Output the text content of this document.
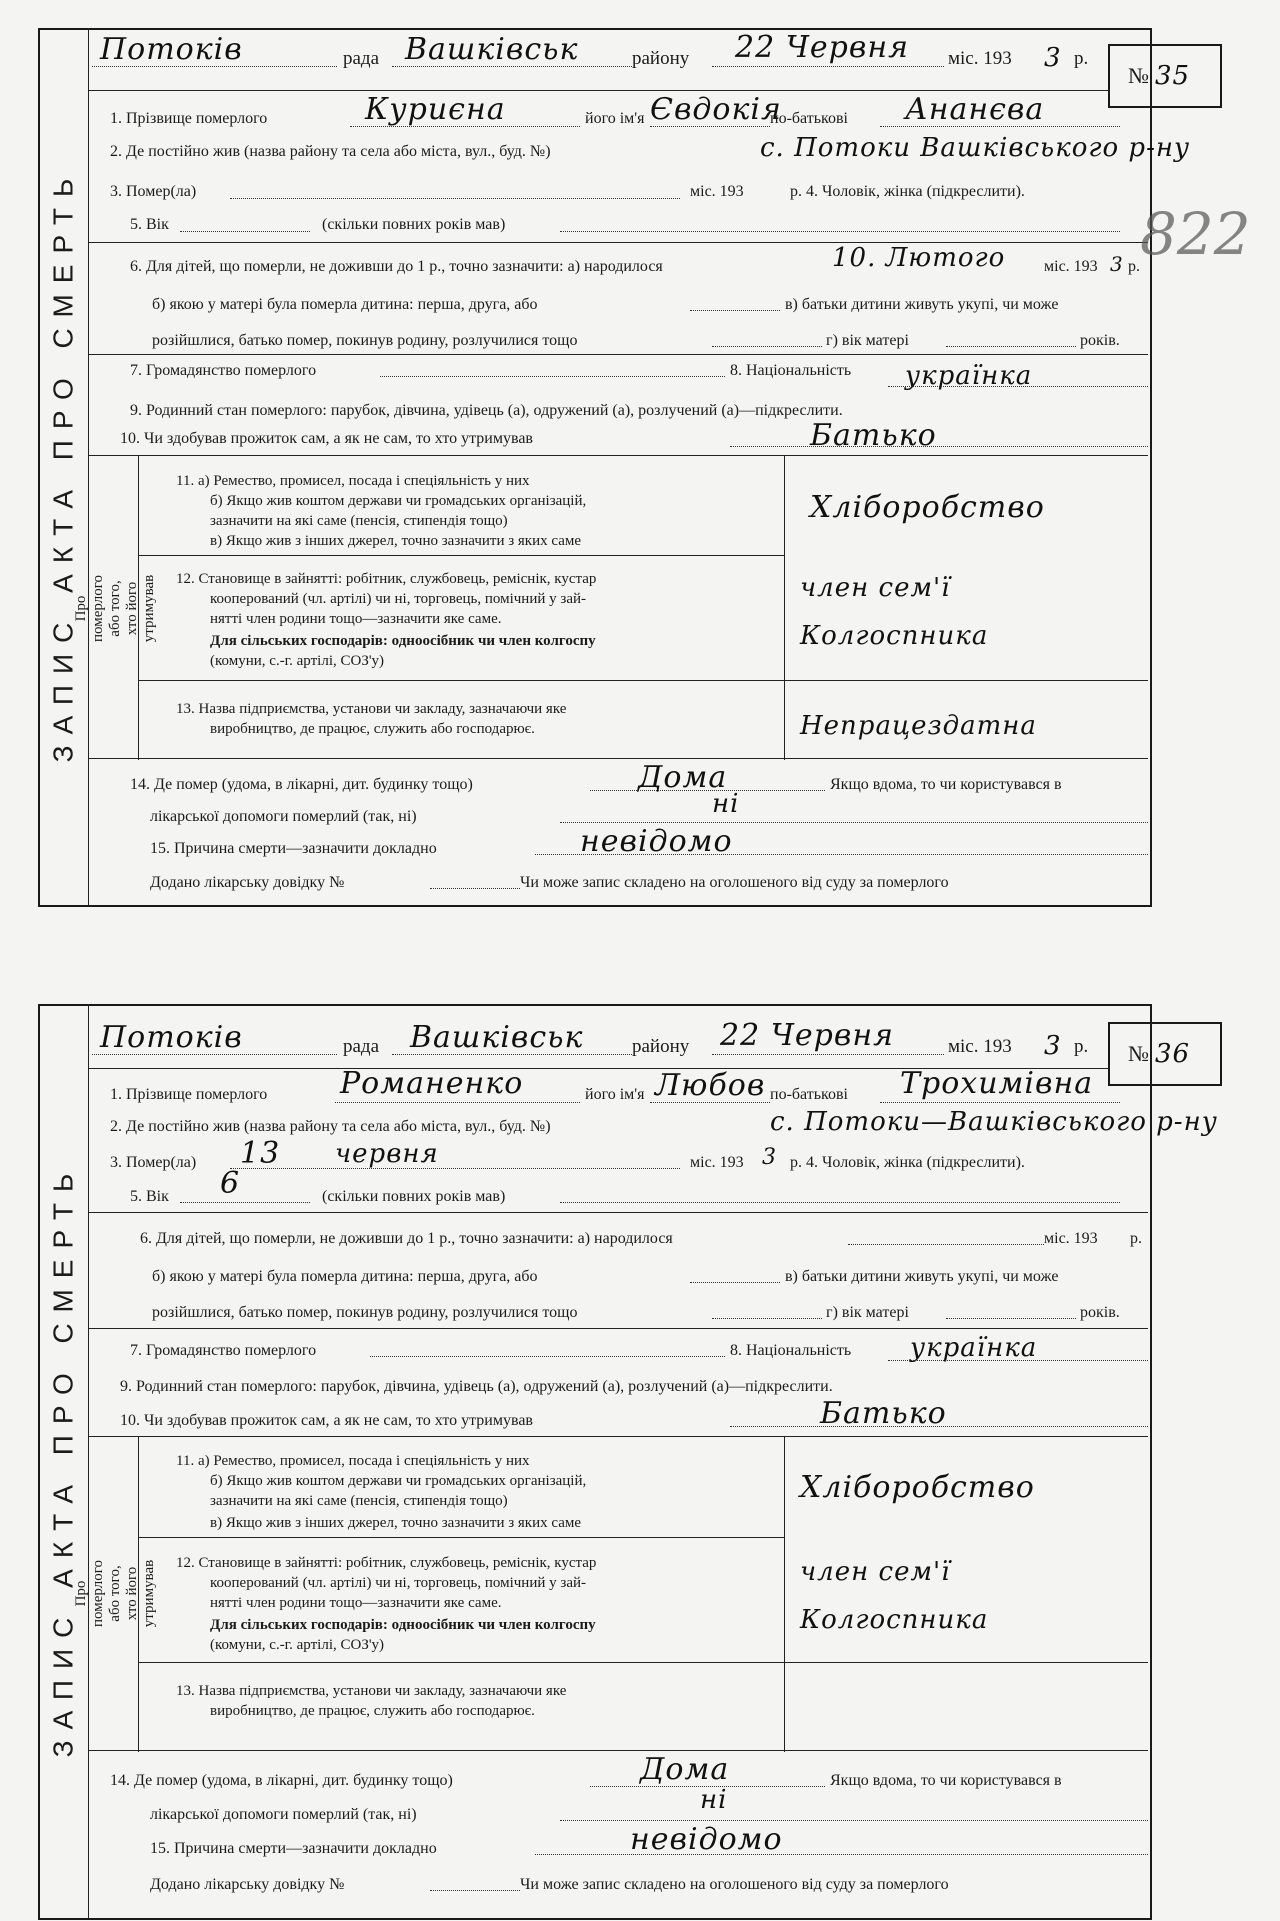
ЗАПИС АКТА ПРО СМЕРТЬ
Потоків	рада Вашківськ	району 22 Червня міс. 193 3 р.
№ 35
1. Прізвище померлого	Куриєна	його ім'я Євдокія
по-батькові Ананєва
2. Де постійно жив (назва району та села або міста, вул., буд. №)	с. Потоки Вашківського р-ну
3. Помер(ла)	міс. 193	р. 4. Чоловік, жінка (підкреслити).
5. Вік	(скільки повних років мав)
6. Для дітей, що померли, не доживши до 1 р., точно зазначити: а) народилося	10. Лютого міс. 193 3 р.
б) якою у матері була померла дитина: перша, друга, або	в) батьки дитини живуть укупі, чи може
розійшлися, батько помер, покинув родину, розлучилися тощо	г) вік матері	років.
7. Громадянство померлого	8. Національність українка
9. Родинний стан померлого: парубок, дівчина, удівець (а), одружений (а), розлучений (а)—підкреслити.
10. Чи здобував прожиток сам, а як не сам, то хто утримував	Батько
Про померлого або того, хто його утримував
11. а) Ремество, промисел, посада і спеціяльність у них
б) Якщо жив коштом держави чи громадських організацій,
зазначити на які саме (пенсія, стипендія тощо)
в) Якщо жив з інших джерел, точно зазначити з яких саме
Хліборобство
12. Становище в зайнятті: робітник, службовець, реміснік, кустар
кооперований (чл. артілі) чи ні, торговець, помічний у зай-
нятті член родини тощо—зазначити яке саме.
Для сільських господарів: одноосібник чи член колгоспу
(комуни, с.-г. артілі, СОЗ'у)
член сем'ї
Колгоспника
13. Назва підприємства, установи чи закладу, зазначаючи яке
виробництво, де працює, служить або господарює.	Непрацездатна
14. Де помер (удома, в лікарні, дит. будинку тощо)	Дома	Якщо вдома, то чи користувався в
лікарської допомоги померлий (так, ні)	ні
15. Причина смерти—зазначити докладно	невідомо
Додано лікарську довідку №	Чи може запис складено на оголошеного від суду за померлого
822
ЗАПИС АКТА ПРО СМЕРТЬ
Потоків	рада Вашківськ	району 22 Червня	міс. 193 3 р. № 36
1. Прізвище померлого Романенко	його ім'я Любов по-батькові Трохимівна
2. Де постійно жив (назва району та села або міста, вул., буд. №)	с. Потоки—Вашківського р-ну
3. Помер(ла) 13 червня	міс. 193 3 р. 4. Чоловік, жінка (підкреслити).
5. Вік 6	(скільки повних років мав)
6. Для дітей, що померли, не доживши до 1 р., точно зазначити: а) народилося	міс. 193 р.
б) якою у матері була померла дитина: перша, друга, або	в) батьки дитини живуть укупі, чи може
розійшлися, батько помер, покинув родину, розлучилися тощо	г) вік матері	років.
7. Громадянство померлого	8. Національність українка
9. Родинний стан померлого: парубок, дівчина, удівець (а), одружений (а), розлучений (а)—підкреслити.
10. Чи здобував прожиток сам, а як не сам, то хто утримував	Батько
Про померлого або того, хто його утримував
11. а) Ремество, промисел, посада і спеціяльність у них
б) Якщо жив коштом держави чи громадських організацій,
зазначити на які саме (пенсія, стипендія тощо)
в) Якщо жив з інших джерел, точно зазначити з яких саме
Хліборобство
12. Становище в зайнятті: робітник, службовець, реміснік, кустар
кооперований (чл. артілі) чи ні, торговець, помічний у зай-
нятті член родини тощо—зазначити яке саме.
Для сільських господарів: одноосібник чи член колгоспу
(комуни, с.-г. артілі, СОЗ'у)
член сем'ї
Колгоспника
13. Назва підприємства, установи чи закладу, зазначаючи яке
виробництво, де працює, служить або господарює.
14. Де помер (удома, в лікарні, дит. будинку тощо)	Дома	Якщо вдома, то чи користувався в
лікарської допомоги померлий (так, ні)	ні
15. Причина смерти—зазначити докладно	невідомо
Додано лікарську довідку №	Чи може запис складено на оголошеного від суду за померлого
